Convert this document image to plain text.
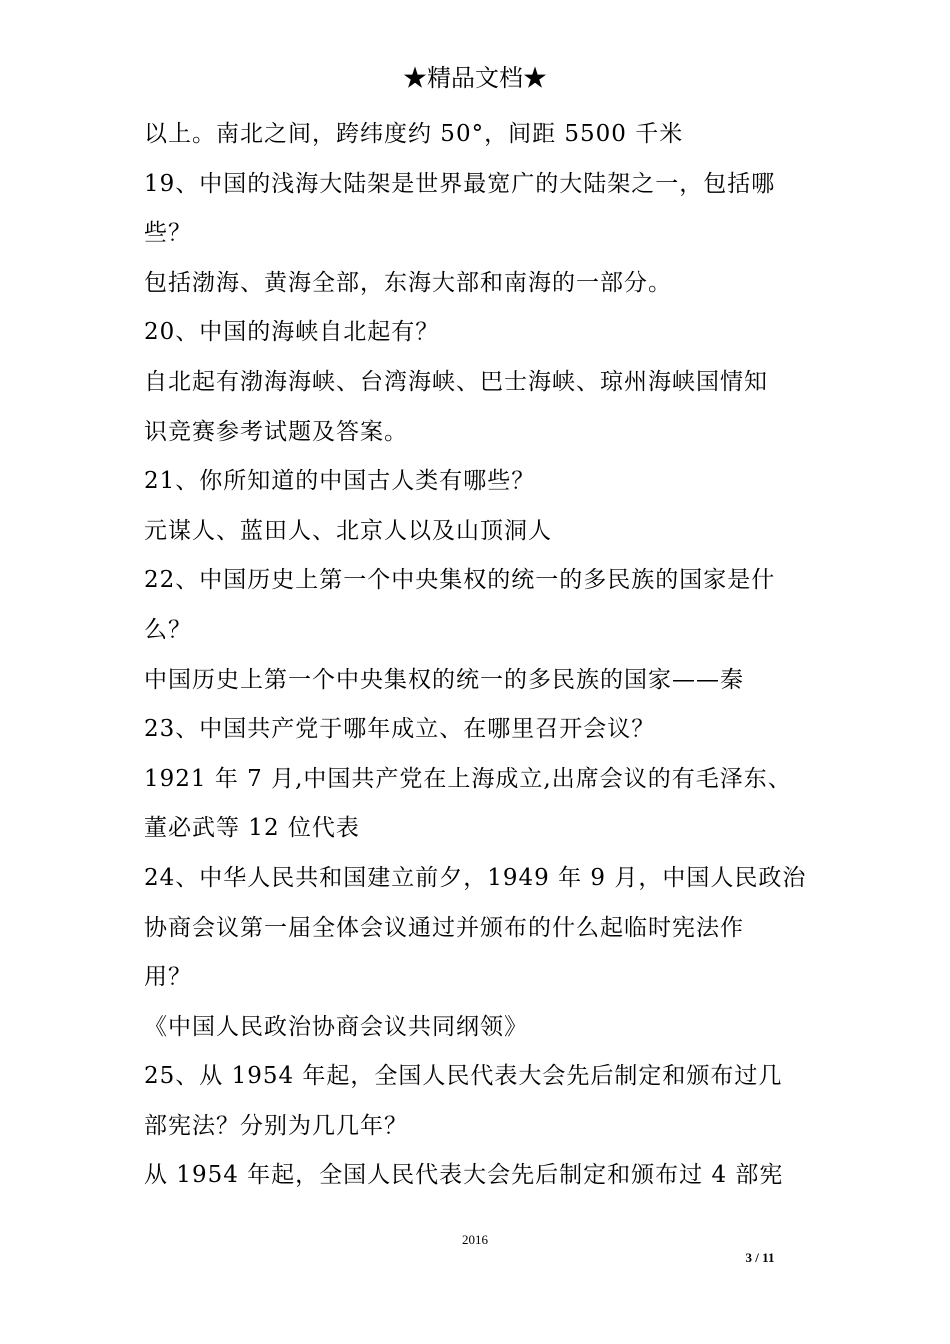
★精品文档★
以上。南北之间，跨纬度约 50°，间距 5500 千米
19、中国的浅海大陆架是世界最宽广的大陆架之一，包括哪
些？
包括渤海、黄海全部，东海大部和南海的一部分。
20、中国的海峡自北起有？
自北起有渤海海峡、台湾海峡、巴士海峡、琼州海峡国情知
识竞赛参考试题及答案。
21、你所知道的中国古人类有哪些？
元谋人、蓝田人、北京人以及山顶洞人
22、中国历史上第一个中央集权的统一的多民族的国家是什
么？
中国历史上第一个中央集权的统一的多民族的国家——秦
23、中国共产党于哪年成立、在哪里召开会议？
1921 年 7 月,中国共产党在上海成立,出席会议的有毛泽东、
董必武等 12 位代表
24、中华人民共和国建立前夕，1949 年 9 月，中国人民政治
协商会议第一届全体会议通过并颁布的什么起临时宪法作
用？
《中国人民政治协商会议共同纲领》
25、从 1954 年起，全国人民代表大会先后制定和颁布过几
部宪法？分别为几几年？
从 1954 年起，全国人民代表大会先后制定和颁布过 4 部宪
2016
3 / 11
